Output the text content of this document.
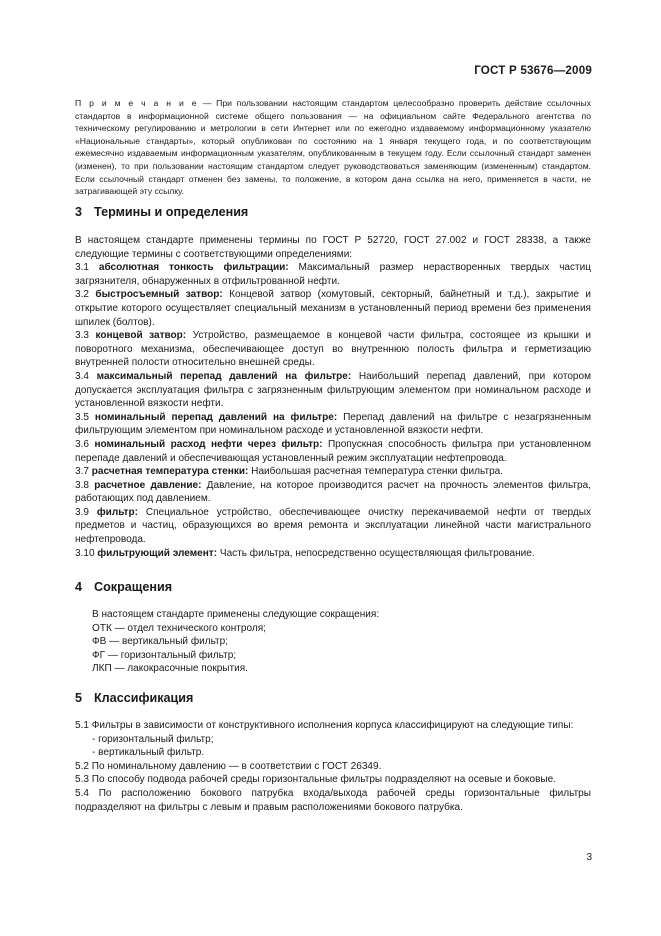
ГОСТ Р 53676—2009

П р и м е ч а н и е — При пользовании настоящим стандартом целесообразно проверить действие ссылочных стандартов в информационной системе общего пользования — на официальном сайте Федерального агентства по техническому регулированию и метрологии в сети Интернет или по ежегодно издаваемому информационному указателю «Национальные стандарты», который опубликован по состоянию на 1 января текущего года, и по соответствующим ежемесячно издаваемым информационным указателям, опубликованным в текущем году. Если ссылочный стандарт заменен (изменен), то при пользовании настоящим стандартом следует руководствоваться заменяющим (измененным) стандартом. Если ссылочный стандарт отменен без замены, то положение, в котором дана ссылка на него, применяется в части, не затрагивающей эту ссылку.

3 Термины и определения

В настоящем стандарте применены термины по ГОСТ Р 52720, ГОСТ 27.002 и ГОСТ 28338, а также следующие термины с соответствующими определениями:

3.1 абсолютная тонкость фильтрации: Максимальный размер нерастворенных твердых частиц загрязнителя, обнаруженных в отфильтрованной нефти.

3.2 быстросъемный затвор: Концевой затвор (хомутовый, секторный, байнетный и т.д.), закрытие и открытие которого осуществляет специальный механизм в установленный период времени без применения шпилек (болтов).

3.3 концевой затвор: Устройство, размещаемое в концевой части фильтра, состоящее из крышки и поворотного механизма, обеспечивающее доступ во внутреннюю полость фильтра и герметизацию внутренней полости относительно внешней среды.

3.4 максимальный перепад давлений на фильтре: Наибольший перепад давлений, при котором допускается эксплуатация фильтра с загрязненным фильтрующим элементом при номинальном расходе и установленной вязкости нефти.

3.5 номинальный перепад давлений на фильтре: Перепад давлений на фильтре с незагрязненным фильтрующим элементом при номинальном расходе и установленной вязкости нефти.

3.6 номинальный расход нефти через фильтр: Пропускная способность фильтра при установленном перепаде давлений и обеспечивающая установленный режим эксплуатации нефтепровода.

3.7 расчетная температура стенки: Наибольшая расчетная температура стенки фильтра.

3.8 расчетное давление: Давление, на которое производится расчет на прочность элементов фильтра, работающих под давлением.

3.9 фильтр: Специальное устройство, обеспечивающее очистку перекачиваемой нефти от твердых предметов и частиц, образующихся во время ремонта и эксплуатации линейной части магистрального нефтепровода.

3.10 фильтрующий элемент: Часть фильтра, непосредственно осуществляющая фильтрование.

4 Сокращения

В настоящем стандарте применены следующие сокращения:

ОТК — отдел технического контроля;

ФВ — вертикальный фильтр;

ФГ — горизонтальный фильтр;

ЛКП — лакокрасочные покрытия.

5 Классификация

5.1 Фильтры в зависимости от конструктивного исполнения корпуса классифицируют на следующие типы:

- горизонтальный фильтр;

- вертикальный фильтр.

5.2 По номинальному давлению — в соответствии с ГОСТ 26349.

5.3 По способу подвода рабочей среды горизонтальные фильтры подразделяют на осевые и боковые.

5.4 По расположению бокового патрубка входа/выхода рабочей среды горизонтальные фильтры подразделяют на фильтры с левым и правым расположениями бокового патрубка.

3
